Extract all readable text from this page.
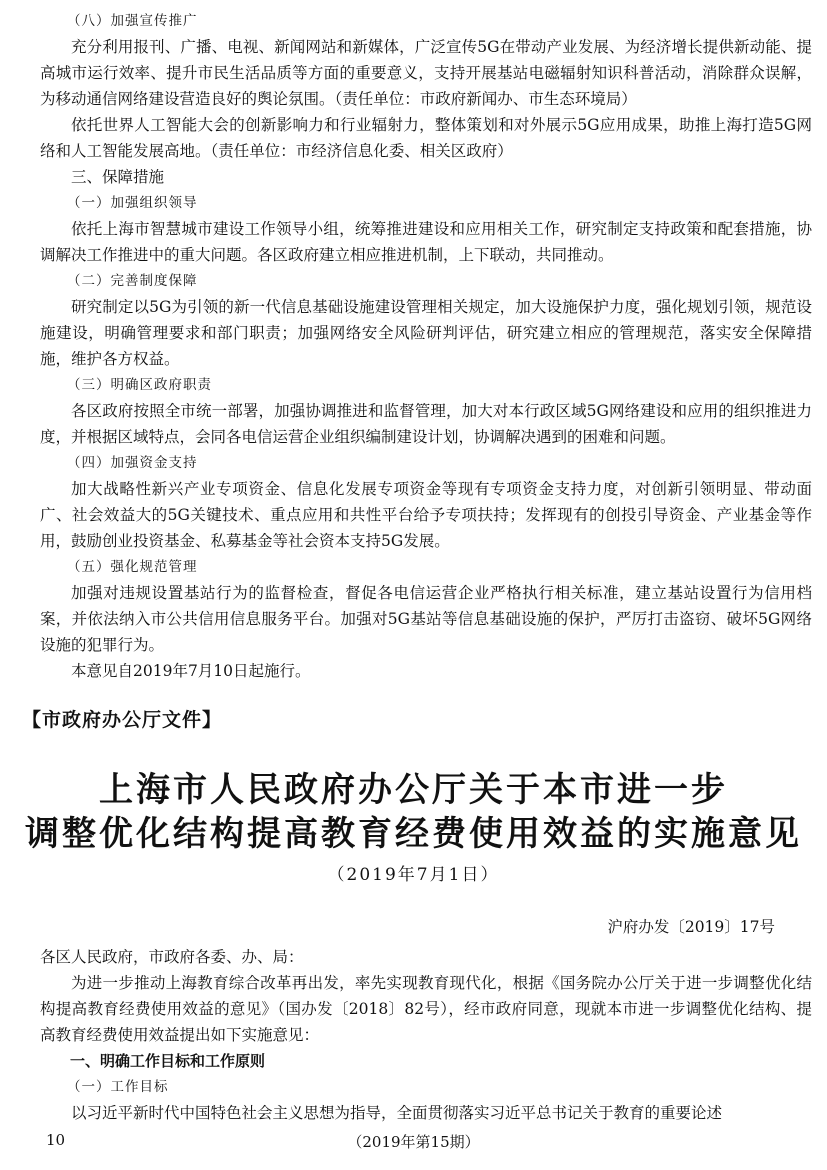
（八）加强宣传推广

充分利用报刊、广播、电视、新闻网站和新媒体，广泛宣传5G在带动产业发展、为经济增长提供新动能、提高城市运行效率、提升市民生活品质等方面的重要意义，支持开展基站电磁辐射知识科普活动，消除群众误解，为移动通信网络建设营造良好的舆论氛围。（责任单位：市政府新闻办、市生态环境局）

依托世界人工智能大会的创新影响力和行业辐射力，整体策划和对外展示5G应用成果，助推上海打造5G网络和人工智能发展高地。（责任单位：市经济信息化委、相关区政府）

三、保障措施

（一）加强组织领导

依托上海市智慧城市建设工作领导小组，统筹推进建设和应用相关工作，研究制定支持政策和配套措施，协调解决工作推进中的重大问题。各区政府建立相应推进机制，上下联动，共同推动。

（二）完善制度保障

研究制定以5G为引领的新一代信息基础设施建设管理相关规定，加大设施保护力度，强化规划引领，规范设施建设，明确管理要求和部门职责；加强网络安全风险研判评估，研究建立相应的管理规范，落实安全保障措施，维护各方权益。

（三）明确区政府职责

各区政府按照全市统一部署，加强协调推进和监督管理，加大对本行政区域5G网络建设和应用的组织推进力度，并根据区域特点，会同各电信运营企业组织编制建设计划，协调解决遇到的困难和问题。

（四）加强资金支持

加大战略性新兴产业专项资金、信息化发展专项资金等现有专项资金支持力度，对创新引领明显、带动面广、社会效益大的5G关键技术、重点应用和共性平台给予专项扶持；发挥现有的创投引导资金、产业基金等作用，鼓励创业投资基金、私募基金等社会资本支持5G发展。

（五）强化规范管理

加强对违规设置基站行为的监督检查，督促各电信运营企业严格执行相关标准，建立基站设置行为信用档案，并依法纳入市公共信用信息服务平台。加强对5G基站等信息基础设施的保护，严厉打击盗窃、破坏5G网络设施的犯罪行为。

本意见自2019年7月10日起施行。

【市政府办公厅文件】
上海市人民政府办公厅关于本市进一步
调整优化结构提高教育经费使用效益的实施意见
（2019年7月1日）
沪府办发〔2019〕17号

各区人民政府，市政府各委、办、局：

为进一步推动上海教育综合改革再出发，率先实现教育现代化，根据《国务院办公厅关于进一步调整优化结构提高教育经费使用效益的意见》（国办发〔2018〕82号），经市政府同意，现就本市进一步调整优化结构、提高教育经费使用效益提出如下实施意见：

一、明确工作目标和工作原则

（一）工作目标

以习近平新时代中国特色社会主义思想为指导，全面贯彻落实习近平总书记关于教育的重要论述

10	（2019年第15期）
